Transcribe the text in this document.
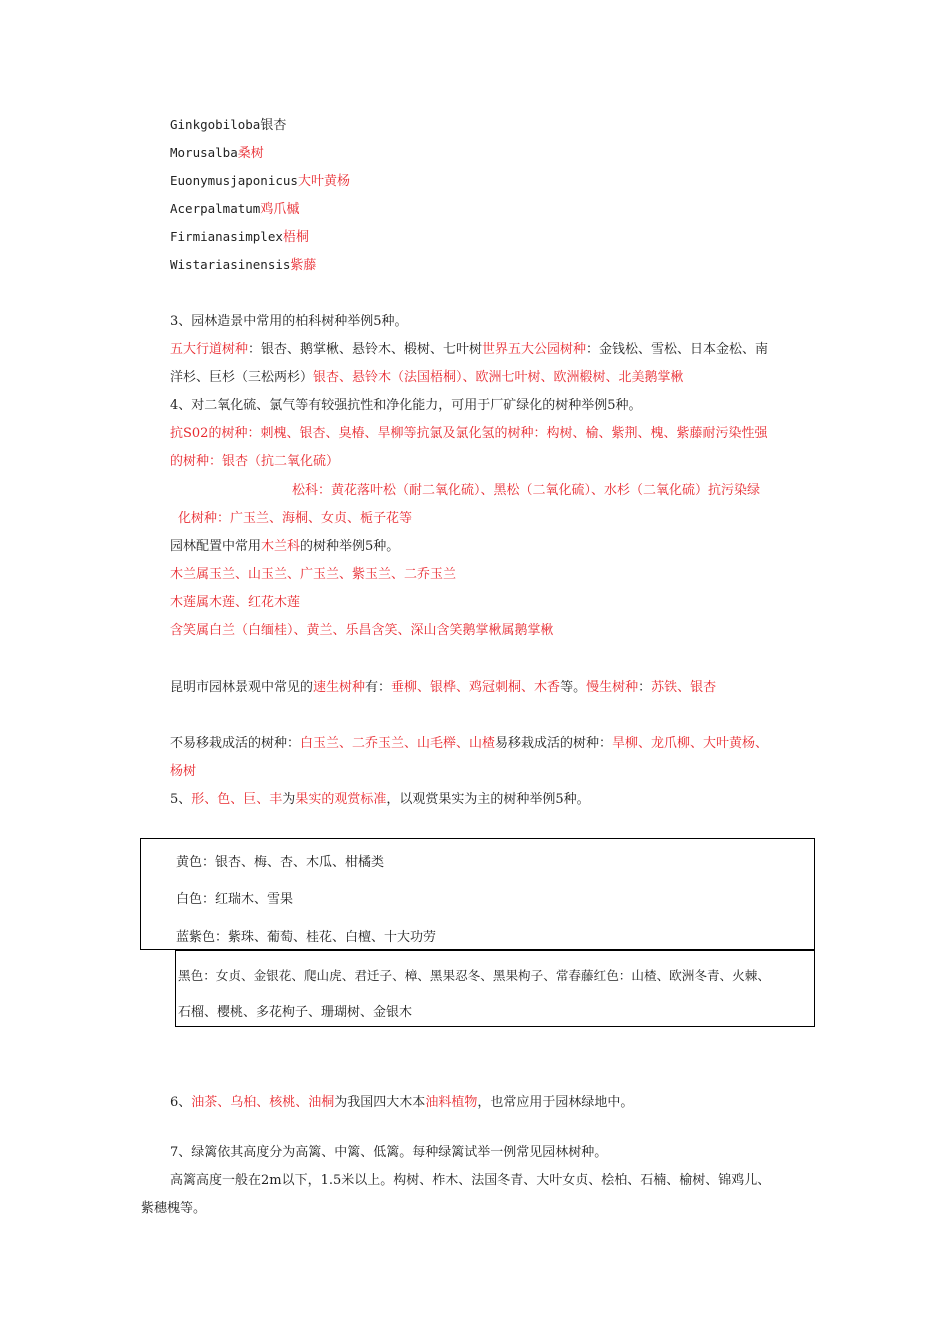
Ginkgobiloba银杏
Morusalba桑树
Euonymusjaponicus大叶黄杨
Acerpalmatum鸡爪槭
Firmianasimplex梧桐
Wistariasinensis紫藤
3、园林造景中常用的柏科树种举例5种。
五大行道树种：银杏、鹅掌楸、悬铃木、椴树、七叶树世界五大公园树种：金钱松、雪松、日本金松、南
洋杉、巨杉（三松两杉）银杏、悬铃木（法国梧桐）、欧洲七叶树、欧洲椴树、北美鹅掌楸
4、对二氧化硫、氯气等有较强抗性和净化能力，可用于厂矿绿化的树种举例5种。
抗S02的树种：刺槐、银杏、臭椿、旱柳等抗氯及氯化氢的树种：构树、榆、紫荆、槐、紫藤耐污染性强
的树种：银杏（抗二氧化硫）
松科：黄花落叶松（耐二氧化硫）、黑松（二氧化硫）、水杉（二氧化硫）抗污染绿
化树种：广玉兰、海桐、女贞、栀子花等
园林配置中常用木兰科的树种举例5种。
木兰属玉兰、山玉兰、广玉兰、紫玉兰、二乔玉兰
木莲属木莲、红花木莲
含笑属白兰（白缅桂）、黄兰、乐昌含笑、深山含笑鹅掌楸属鹅掌楸
昆明市园林景观中常见的速生树种有：垂柳、银桦、鸡冠刺桐、木香等。慢生树种：苏铁、银杏
不易移栽成活的树种：白玉兰、二乔玉兰、山毛榉、山楂易移栽成活的树种：旱柳、龙爪柳、大叶黄杨、
杨树
5、形、色、巨、丰为果实的观赏标准，以观赏果实为主的树种举例5种。
黄色：银杏、梅、杏、木瓜、柑橘类
白色：红瑞木、雪果
蓝紫色：紫珠、葡萄、桂花、白檀、十大功劳
黑色：女贞、金银花、爬山虎、君迁子、樟、黑果忍冬、黑果枸子、常春藤红色：山楂、欧洲冬青、火棘、
石榴、樱桃、多花枸子、珊瑚树、金银木
6、油茶、乌桕、核桃、油桐为我国四大木本油料植物，也常应用于园林绿地中。
7、绿篱依其高度分为高篱、中篱、低篱。每种绿篱试举一例常见园林树种。
高篱高度一般在2m以下，1.5米以上。构树、柞木、法国冬青、大叶女贞、桧柏、石楠、榆树、锦鸡儿、
紫穗槐等。
